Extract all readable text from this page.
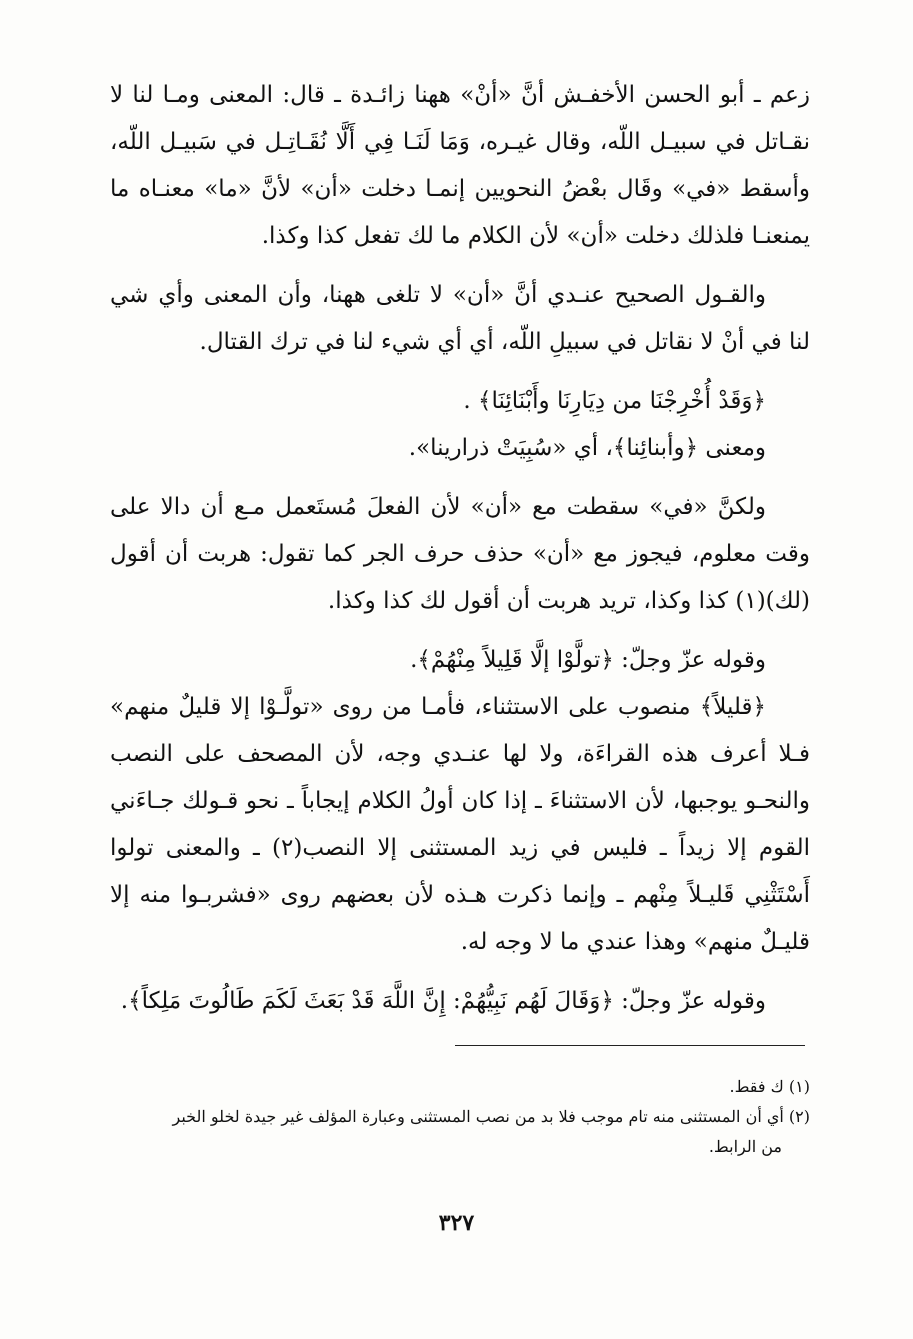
زعم ـ أبو الحسن الأخفـش أنَّ «أنْ» ههنا زائـدة ـ قال: المعنى ومـا لنا لا نقـاتل في سبيـل اللّه، وقال غيـره، وَمَا لَنَـا فِي أَلَّا نُقَـاتِـل في سَبيـل اللّه، وأسقط «في» وقَال بعْضُ النحويين إنمـا دخلت «أن» لأنَّ «ما» معنـاه ما يمنعنـا فلذلك دخلت «أن» لأن الكلام ما لك تفعل كذا وكذا.

والقـول الصحيح عنـدي أنَّ «أن» لا تلغى ههنا، وأن المعنى وأي شي لنا في أنْ لا نقاتل في سبيلِ اللّه، أي أي شيء لنا في ترك القتال.

﴿وَقَدْ أُخْرِجْنَا من دِيَارِنَا وأَبْنَائِنَا﴾ .

ومعنى ﴿وأبنائِنا﴾، أي «سُبِيَتْ ذرارينا».

ولكنَّ «في» سقطت مع «أن» لأن الفعلَ مُستَعمل مـع أن دالا على وقت معلوم، فيجوز مع «أن» حذف حرف الجر كما تقول: هربت أن أقول (لك)(١) كذا وكذا، تريد هربت أن أقول لك كذا وكذا.

وقوله عزّ وجلّ: ﴿تولَّوْا إلَّا قَلِيلاً مِنْهُمْ﴾.

﴿قليلاً﴾ منصوب على الاستثناء، فأمـا من روى «تولَّـوْا إلا قليلٌ منهم» فـلا أعرف هذه القراءَة، ولا لها عنـدي وجه، لأن المصحف على النصب والنحـو يوجبها، لأن الاستثناءَ ـ إذا كان أولُ الكلام إيجاباً ـ نحو قـولك جـاءَني القوم إلا زيداً ـ فليس في زيد المستثنى إلا النصب(٢) ـ والمعنى تولوا أَسْتَثْنِي قَليـلاً مِنْهم ـ وإنما ذكرت هـذه لأن بعضهم روى «فشربـوا منه إلا قليـلٌ منهم» وهذا عندي ما لا وجه له.

وقوله عزّ وجلّ: ﴿وَقَالَ لَهُم نَبِيُّهُمْ: إِنَّ اللَّهَ قَدْ بَعَثَ لَكَمَ طَالُوتَ مَلِكاً﴾.

(١) ك فقط.

(٢) أي أن المستثنى منه تام موجب فلا بد من نصب المستثنى وعبارة المؤلف غير جيدة لخلو الخبر

من الرابط.

٣٢٧
